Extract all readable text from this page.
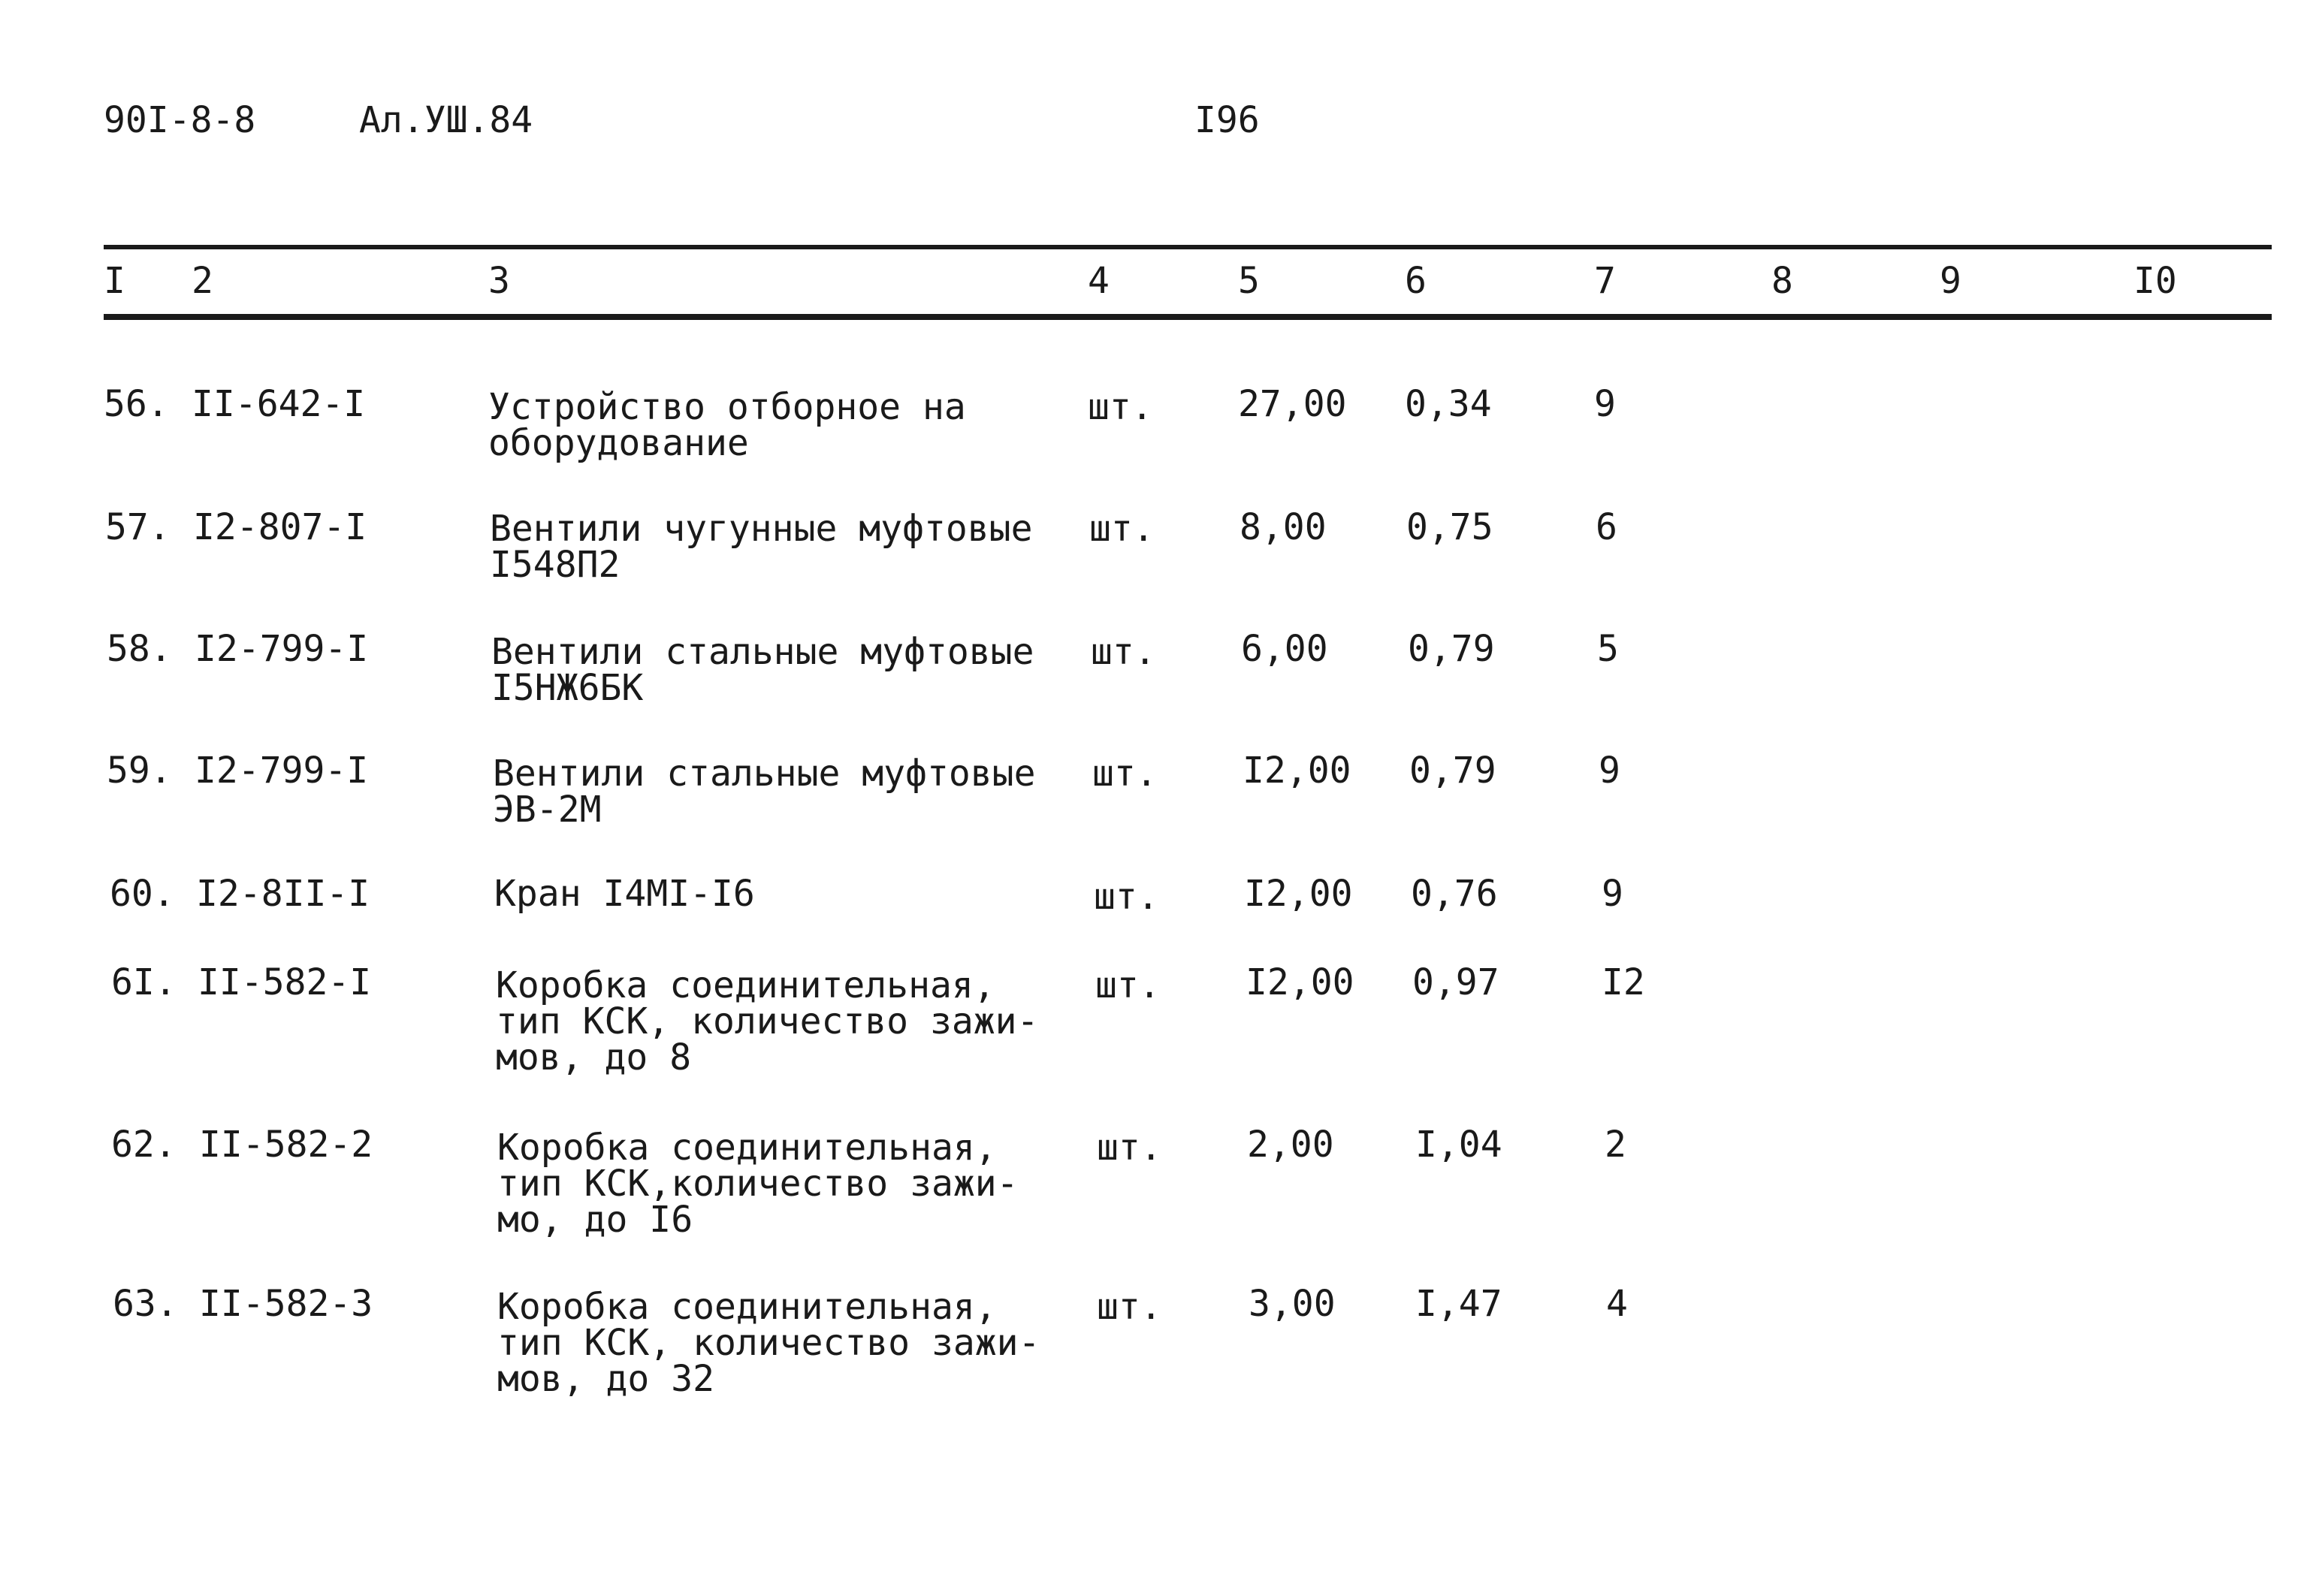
90I-8-8	Ал.УШ.84	I96
I 2	3	4	5	6	7	8	9	I0
56. II-642-I	Устройство отборное на
оборудование
шт. 27,00 0,34	9
57. I2-807-I	Вентили чугунные муфтовые
I548П2
шт. 8,00 0,75	6
58. I2-799-I	Вентили стальные муфтовые
I5НЖ6БК
шт. 6,00 0,79	5
59. I2-799-I	Вентили стальные муфтовые
ЭВ-2М
шт. I2,00 0,79	9
60. I2-8II-I	Кран I4МI-I6	шт. I2,00 0,76	9
6I. II-582-I	Коробка соединительная,
тип КСК, количество зажи-
мов, до 8
шт. I2,00 0,97	I2
62. II-582-2	Коробка соединительная,
тип КСК,количество зажи-
мо, до I6
шт. 2,00 I,04	2
63. II-582-3	Коробка соединительная,
тип КСК, количество зажи-
мов, до 32
шт. 3,00 I,47	4
